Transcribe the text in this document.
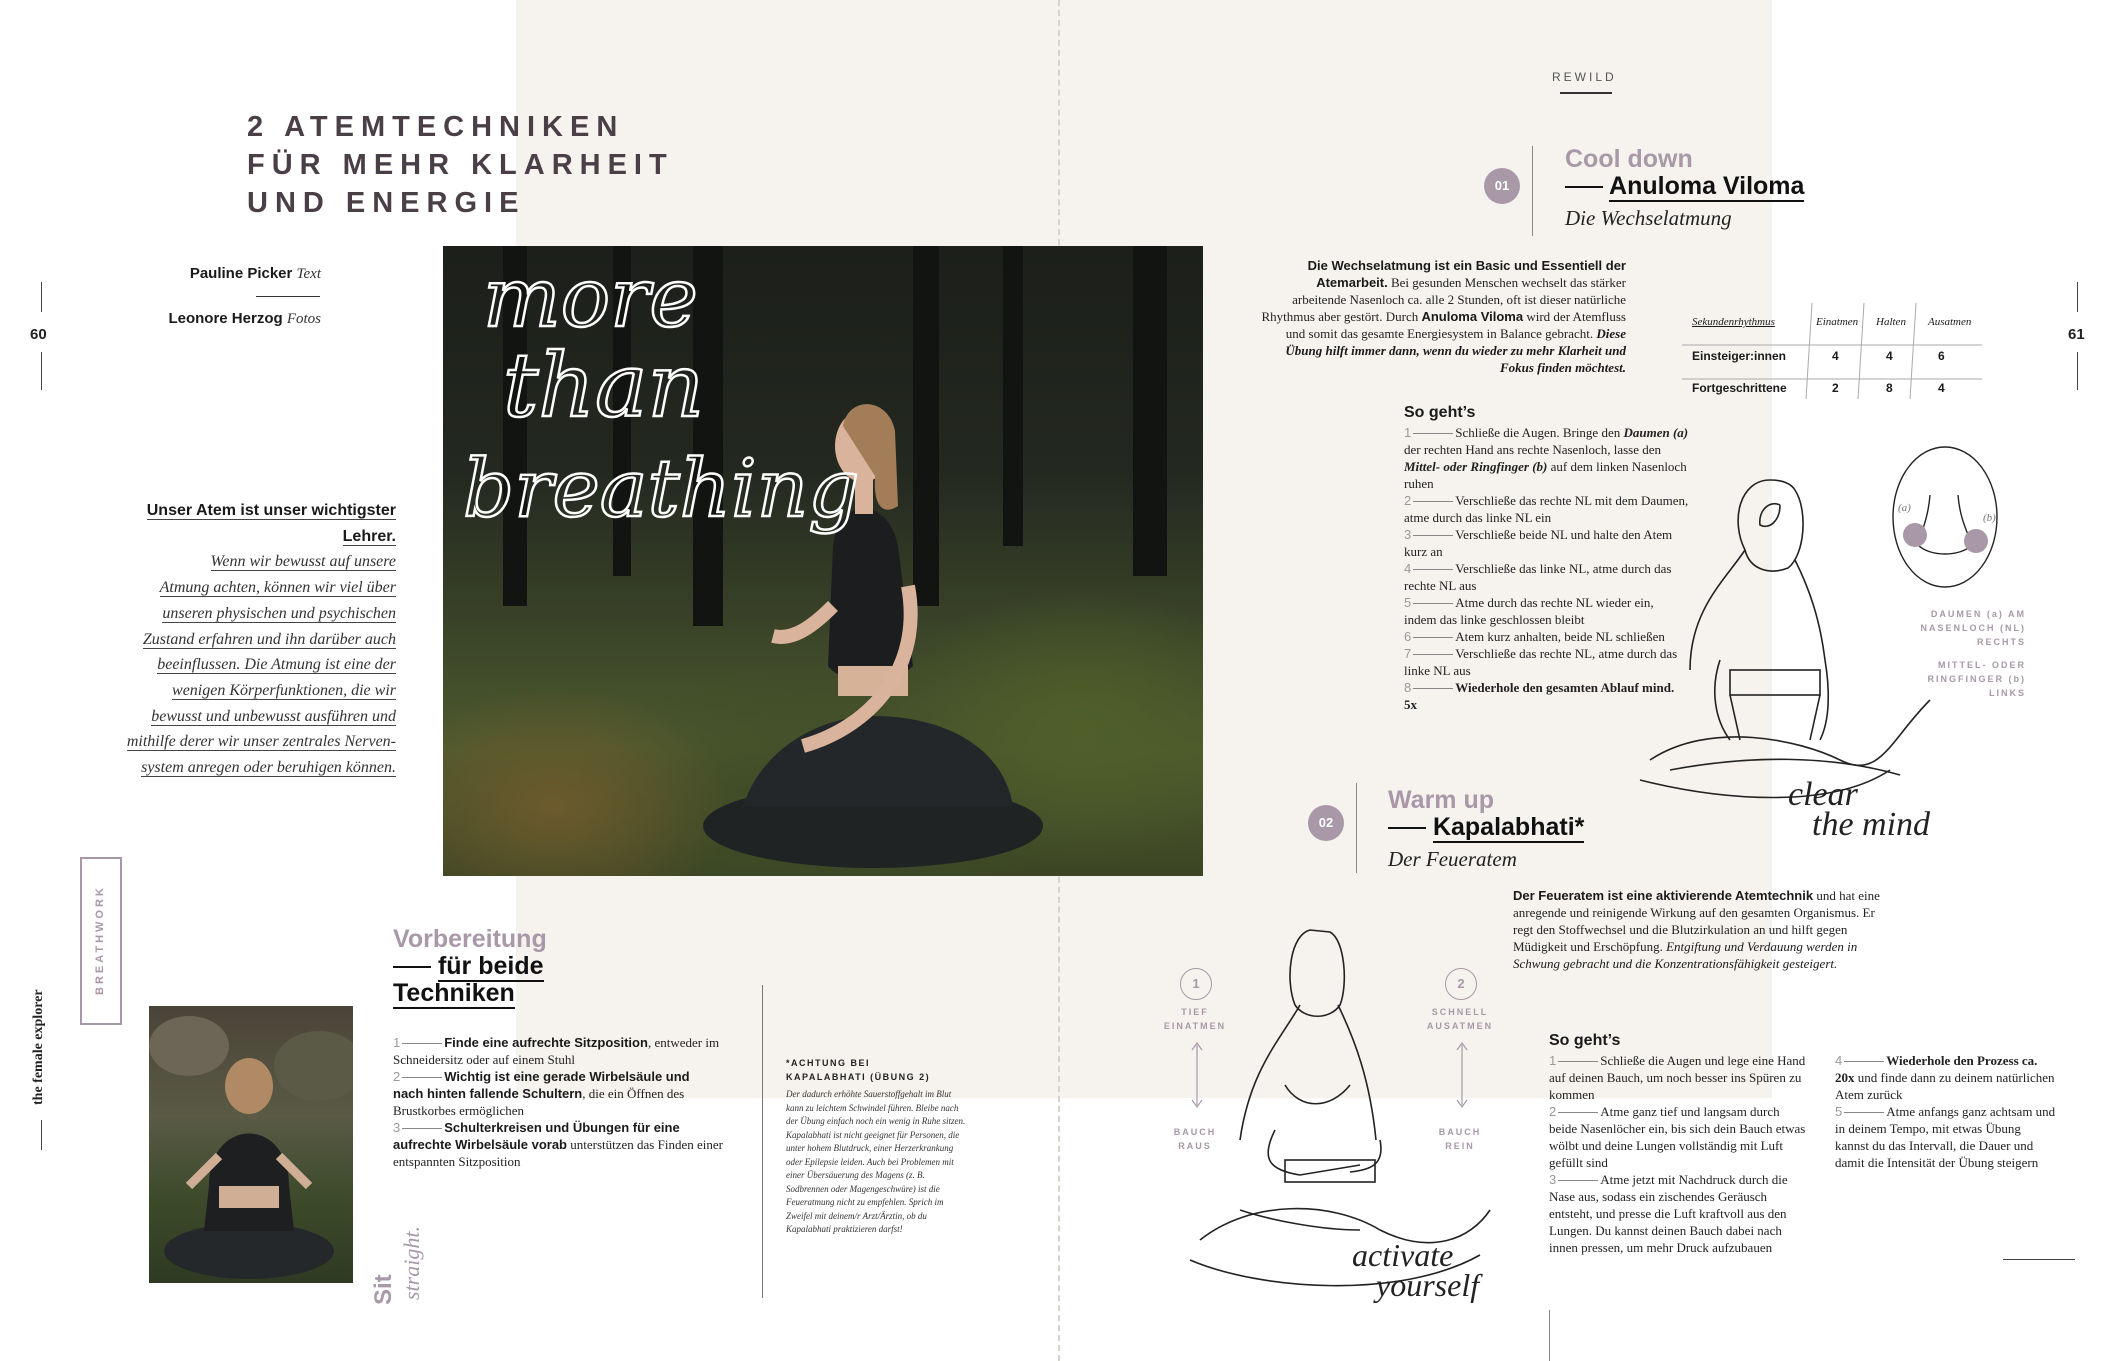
2 ATEMTECHNIKEN
FÜR MEHR KLARHEIT
UND ENERGIE
Pauline Picker Text
Leonore Herzog Fotos
60
the female explorer
BREATHWORK
Unser Atem ist unser wichtigster Lehrer.
Wenn wir bewusst auf unsere
Atmung achten, können wir viel über
unseren physischen und psychischen
Zustand erfahren und ihn darüber auch
beeinflussen. Die Atmung ist eine der
wenigen Körperfunktionen, die wir
bewusst und unbewusst ausführen und
mithilfe derer wir unser zentrales Nerven-
system anregen oder beruhigen können.
more
than
breathing
Vorbereitung
für beide
Techniken
1	Finde eine aufrechte Sitzposition, entweder im Schneidersitz oder auf einem Stuhl
2	Wichtig ist eine gerade Wirbelsäule und nach hinten fallende Schultern, die ein Öffnen des Brustkorbes ermöglichen
3	Schulterkreisen und Übungen für eine aufrechte Wirbelsäule vorab unterstützen das Finden einer entspannten Sitzposition
Sit straight.
*ACHTUNG BEI
KAPALABHATI (ÜBUNG 2)
Der dadurch erhöhte Sauerstoffgehalt im Blut kann zu leichtem Schwindel führen. Bleibe nach der Übung einfach noch ein wenig in Ruhe sitzen. Kapalabhati ist nicht geeignet für Personen, die unter hohem Blutdruck, einer Herzerkrankung oder Epilepsie leiden. Auch bei Problemen mit einer Übersäuerung des Magens (z. B. Sodbrennen oder Magengeschwüre) ist die Feueratmung nicht zu empfehlen. Sprich im Zweifel mit deinem/r Arzt/Ärztin, ob du Kapalabhati praktizieren darfst!
REWILD
61
01
Cool down
Anuloma Viloma
Die Wechselatmung
Die Wechselatmung ist ein Basic und Essentiell der Atemarbeit. Bei gesunden Menschen wechselt das stärker arbeitende Nasenloch ca. alle 2 Stunden, oft ist dieser natürliche Rhythmus aber gestört. Durch Anuloma Viloma wird der Atemfluss und somit das gesamte Energiesystem in Balance gebracht. Diese Übung hilft immer dann, wenn du wieder zu mehr Klarheit und Fokus finden möchtest.
So geht’s
1	Schließe die Augen. Bringe den Daumen (a) der rechten Hand ans rechte Nasenloch, lasse den Mittel- oder Ringfinger (b) auf dem linken Nasenloch ruhen
2	Verschließe das rechte NL mit dem Daumen, atme durch das linke NL ein
3	Verschließe beide NL und halte den Atem kurz an
4	Verschließe das linke NL, atme durch das rechte NL aus
5	Atme durch das rechte NL wieder ein, indem das linke geschlossen bleibt
6	Atem kurz anhalten, beide NL schließen
7	Verschließe das rechte NL, atme durch das linke NL aus
8	Wiederhole den gesamten Ablauf mind. 5x
Sekundenrhythmus	Einatmen Halten Ausatmen
Einsteiger:innen	4	4	6
Fortgeschrittene	2	8	4
(a)
(b)
DAUMEN (a) AM
NASENLOCH (NL)
RECHTS
MITTEL- ODER
RINGFINGER (b)
LINKS
clear
the mind
02
Warm up
Kapalabhati*
Der Feueratem
Der Feueratem ist eine aktivierende Atemtechnik und hat eine anregende und reinigende Wirkung auf den gesamten Organismus. Er regt den Stoffwechsel und die Blutzirkulation an und hilft gegen Müdigkeit und Erschöpfung. Entgiftung und Verdauung werden in Schwung gebracht und die Konzentrationsfähigkeit gesteigert.
So geht’s
1	Schließe die Augen und lege eine Hand auf deinen Bauch, um noch besser ins Spüren zu kommen
2	Atme ganz tief und langsam durch beide Nasenlöcher ein, bis sich dein Bauch etwas wölbt und deine Lungen vollständig mit Luft gefüllt sind
3	Atme jetzt mit Nachdruck durch die Nase aus, sodass ein zischendes Geräusch entsteht, und presse die Luft kraftvoll aus den Lungen. Du kannst deinen Bauch dabei nach innen pressen, um mehr Druck aufzubauen
4	Wiederhole den Prozess ca. 20x und finde dann zu deinem natürlichen Atem zurück
5	Atme anfangs ganz achtsam und in deinem Tempo, mit etwas Übung kannst du das Intervall, die Dauer und damit die Intensität der Übung steigern
1	2
TIEF
EINATMEN
SCHNELL
AUSATMEN
BAUCH
RAUS
BAUCH
REIN
activate
yourself
